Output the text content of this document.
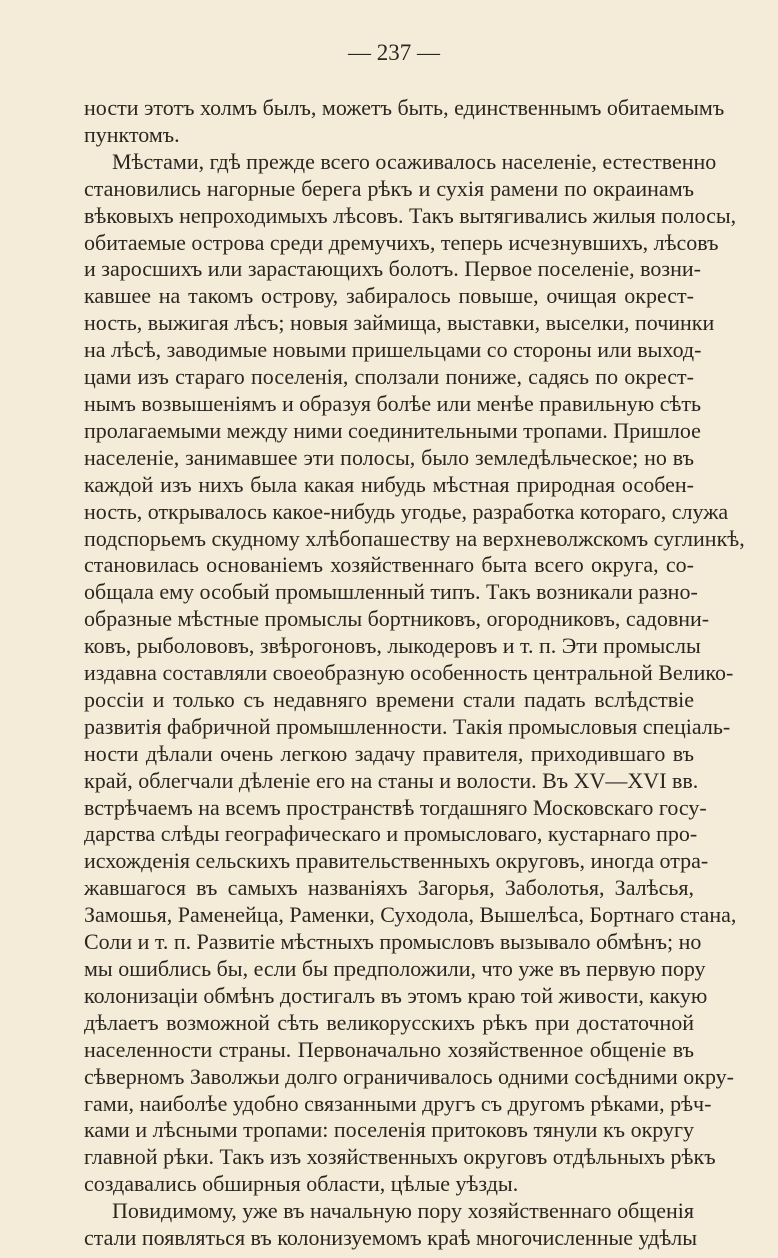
— 237 —
ности этотъ холмъ былъ, можетъ быть, единственнымъ обитаемымъ
пунктомъ.
Мѣстами, гдѣ прежде всего осаживалось населеніе, естественно
становились нагорные берега рѣкъ и сухія рамени по окраинамъ
вѣковыхъ непроходимыхъ лѣсовъ. Такъ вытягивались жилыя полосы,
обитаемые острова среди дремучихъ, теперь исчезнувшихъ, лѣсовъ
и заросшихъ или зарастающихъ болотъ. Первое поселеніе, возни-
кавшее на такомъ острову, забиралось повыше, очищая окрест-
ность, выжигая лѣсъ; новыя займища, выставки, выселки, починки
на лѣсѣ, заводимые новыми пришельцами со стороны или выход-
цами изъ стараго поселенія, сползали пониже, садясь по окрест-
нымъ возвышеніямъ и образуя болѣе или менѣе правильную сѣть
пролагаемыми между ними соединительными тропами. Пришлое
населеніе, занимавшее эти полосы, было земледѣльческое; но въ
каждой изъ нихъ была какая нибудь мѣстная природная особен-
ность, открывалось какое-нибудь угодье, разработка котораго, служа
подспорьемъ скудному хлѣбопашеству на верхневолжскомъ суглинкѣ,
становилась основаніемъ хозяйственнаго быта всего округа, со-
общала ему особый промышленный типъ. Такъ возникали разно-
образные мѣстные промыслы бортниковъ, огородниковъ, садовни-
ковъ, рыболововъ, звѣрогоновъ, лыкодеровъ и т. п. Эти промыслы
издавна составляли своеобразную особенность центральной Велико-
россіи и только съ недавняго времени стали падать вслѣдствіе
развитія фабричной промышленности. Такія промысловыя спеціаль-
ности дѣлали очень легкою задачу правителя, приходившаго въ
край, облегчали дѣленіе его на станы и волости. Въ XV—XVI вв.
встрѣчаемъ на всемъ пространствѣ тогдашняго Московскаго госу-
дарства слѣды географическаго и промысловаго, кустарнаго про-
исхожденія сельскихъ правительственныхъ округовъ, иногда отра-
жавшагося въ самыхъ названіяхъ Загорья, Заболотья, Залѣсья,
Замошья, Раменейца, Раменки, Суходола, Вышелѣса, Бортнаго стана,
Соли и т. п. Развитіе мѣстныхъ промысловъ вызывало обмѣнъ; но
мы ошиблись бы, если бы предположили, что уже въ первую пору
колонизаціи обмѣнъ достигалъ въ этомъ краю той живости, какую
дѣлаетъ возможной сѣть великорусскихъ рѣкъ при достаточной
населенности страны. Первоначально хозяйственное общеніе въ
сѣверномъ Заволжьи долго ограничивалось одними сосѣдними окру-
гами, наиболѣе удобно связанными другъ съ другомъ рѣками, рѣч-
ками и лѣсными тропами: поселенія притоковъ тянули къ округу
главной рѣки. Такъ изъ хозяйственныхъ округовъ отдѣльныхъ рѣкъ
создавались обширныя области, цѣлые уѣзды.
Повидимому, уже въ начальную пору хозяйственнаго общенія
стали появляться въ колонизуемомъ краѣ многочисленные удѣлы
